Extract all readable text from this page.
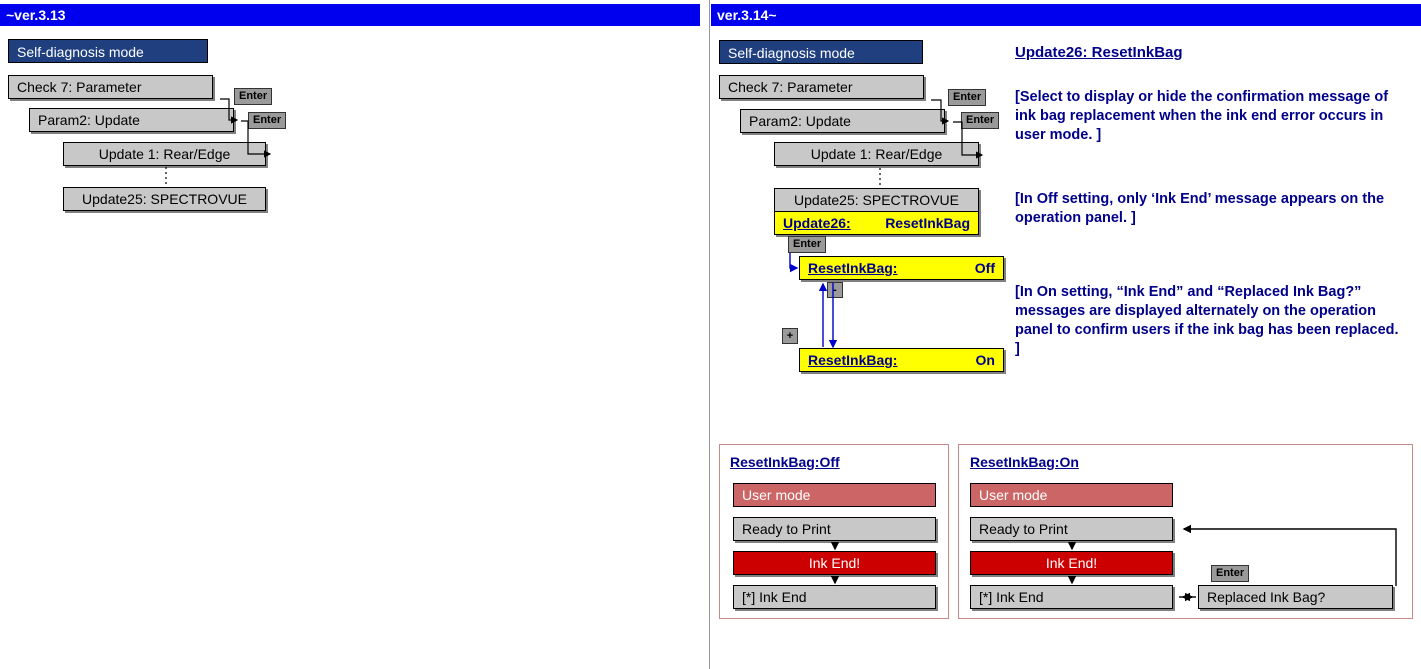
~ver.3.13
Self-diagnosis mode
Check 7: Parameter
Enter
Param2: Update	Enter
Update 1: Rear/Edge
Update25: SPECTROVUE
ver.3.14~
Self-diagnosis mode
Check 7: Parameter
Enter
Param2: Update	Enter
Update 1: Rear/Edge
Update25: SPECTROVUE
Update26: ResetInkBag
Enter
ResetInkBag:	Off
-
+
ResetInkBag:	On
Update26: ResetInkBag
[Select to display or hide the confirmation message of ink bag replacement when the ink end error occurs in user mode. ]
[In Off setting, only ‘Ink End’ message appears on the operation panel. ]
[In On setting, “Ink End” and “Replaced Ink Bag?” messages are displayed alternately on the operation panel to confirm users if the ink bag has been replaced. ]
ResetInkBag:Off
User mode
Ready to Print
Ink End!
[*] Ink End
ResetInkBag:On
User mode
Ready to Print
Ink End!
[*] Ink End	Replaced Ink Bag?
Enter
